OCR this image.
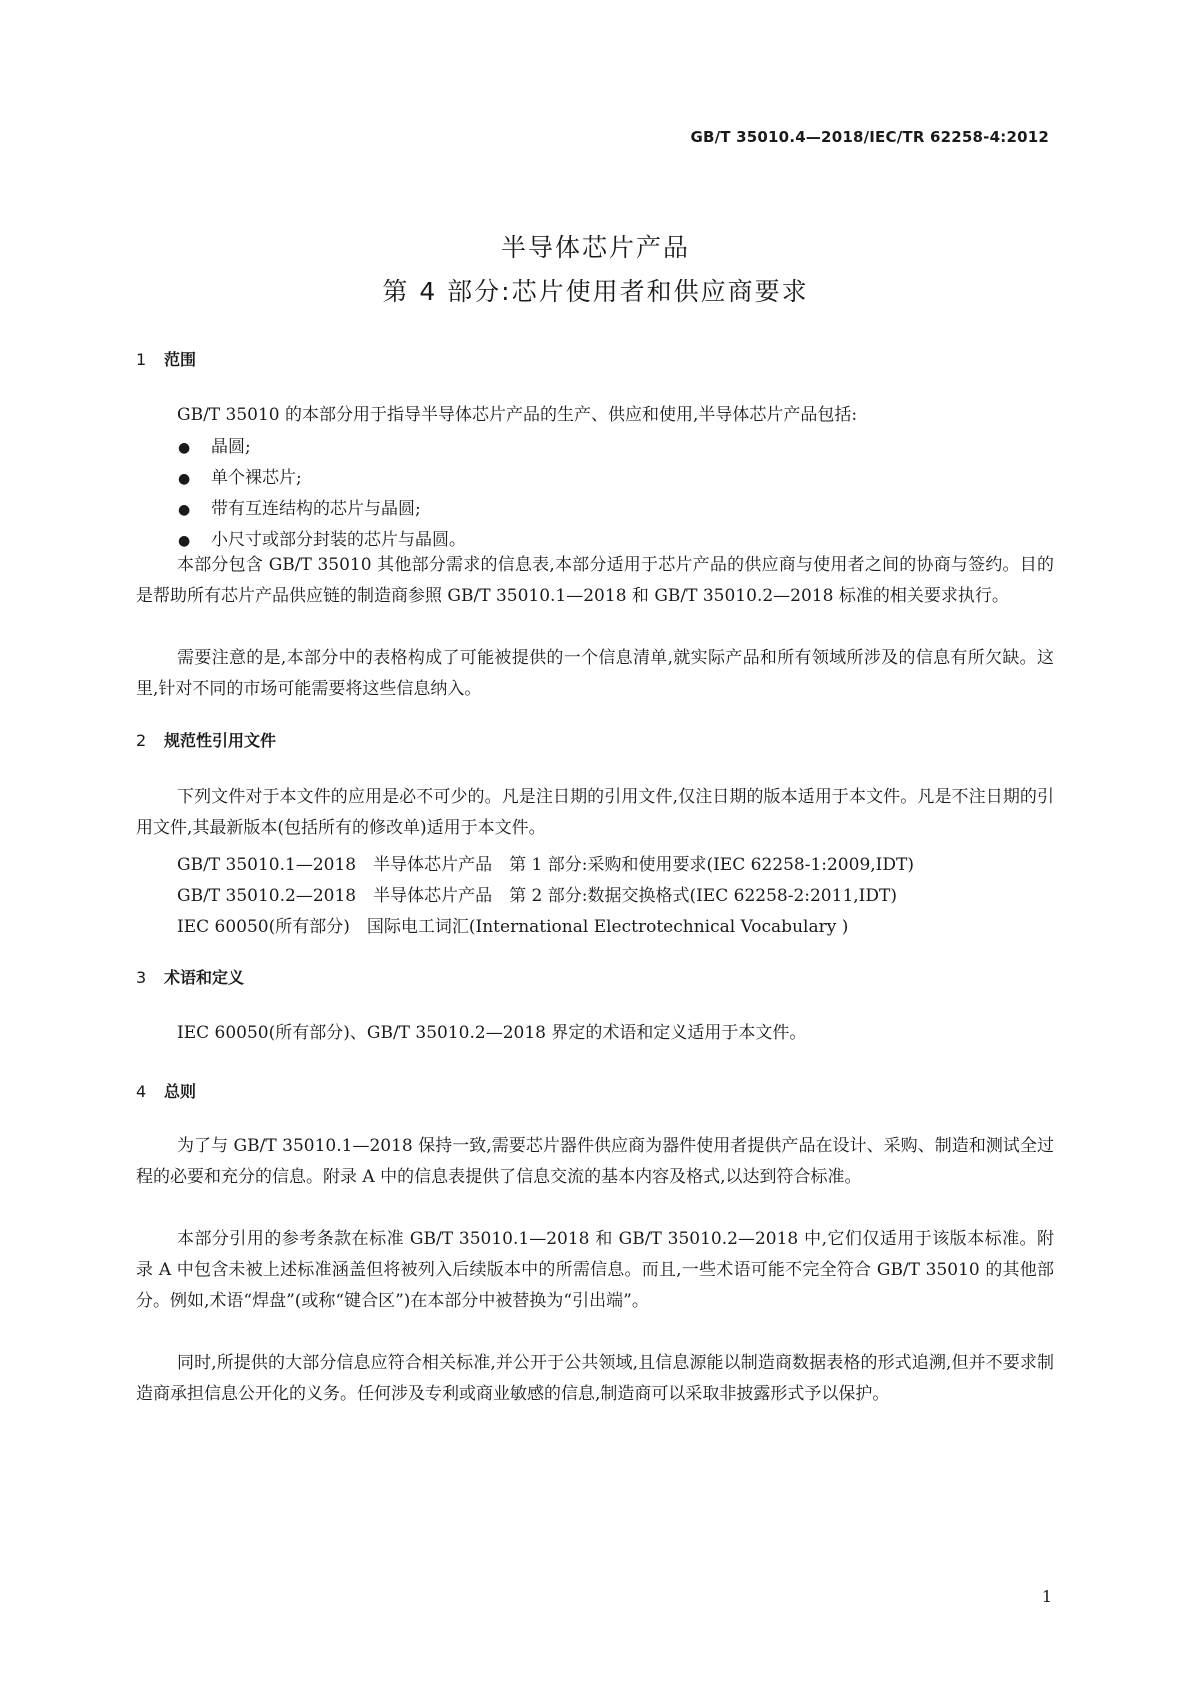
GB/T 35010.4—2018/IEC/TR 62258-4:2012
半导体芯片产品
第 4 部分:芯片使用者和供应商要求
1 范围
GB/T 35010 的本部分用于指导半导体芯片产品的生产、供应和使用,半导体芯片产品包括:
● 晶圆;
● 单个裸芯片;
● 带有互连结构的芯片与晶圆;
● 小尺寸或部分封装的芯片与晶圆。
本部分包含 GB/T 35010 其他部分需求的信息表,本部分适用于芯片产品的供应商与使用者之间的协商与签约。目的是帮助所有芯片产品供应链的制造商参照 GB/T 35010.1—2018 和 GB/T 35010.2—2018 标准的相关要求执行。
需要注意的是,本部分中的表格构成了可能被提供的一个信息清单,就实际产品和所有领域所涉及的信息有所欠缺。这里,针对不同的市场可能需要将这些信息纳入。
2 规范性引用文件
下列文件对于本文件的应用是必不可少的。凡是注日期的引用文件,仅注日期的版本适用于本文件。凡是不注日期的引用文件,其最新版本(包括所有的修改单)适用于本文件。
GB/T 35010.1—2018　半导体芯片产品　第 1 部分:采购和使用要求(IEC 62258-1:2009,IDT)
GB/T 35010.2—2018　半导体芯片产品　第 2 部分:数据交换格式(IEC 62258-2:2011,IDT)
IEC 60050(所有部分)　国际电工词汇(International Electrotechnical Vocabulary )
3 术语和定义
IEC 60050(所有部分)、GB/T 35010.2—2018 界定的术语和定义适用于本文件。
4 总则
为了与 GB/T 35010.1—2018 保持一致,需要芯片器件供应商为器件使用者提供产品在设计、采购、制造和测试全过程的必要和充分的信息。附录 A 中的信息表提供了信息交流的基本内容及格式,以达到符合标准。
本部分引用的参考条款在标准 GB/T 35010.1—2018 和 GB/T 35010.2—2018 中,它们仅适用于该版本标准。附录 A 中包含未被上述标准涵盖但将被列入后续版本中的所需信息。而且,一些术语可能不完全符合 GB/T 35010 的其他部分。例如,术语“焊盘”(或称“键合区”)在本部分中被替换为“引出端”。
同时,所提供的大部分信息应符合相关标准,并公开于公共领域,且信息源能以制造商数据表格的形式追溯,但并不要求制造商承担信息公开化的义务。任何涉及专利或商业敏感的信息,制造商可以采取非披露形式予以保护。
1
